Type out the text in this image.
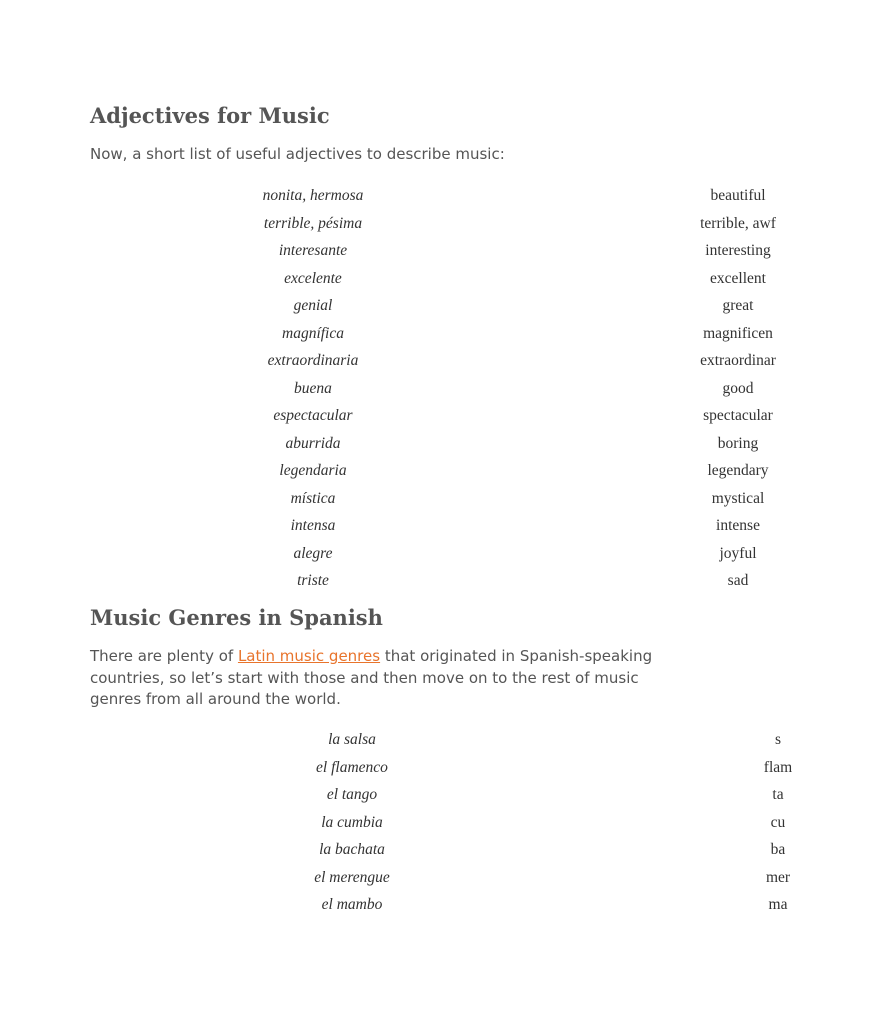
Adjectives for Music

Now, a short list of useful adjectives to describe music:

nonita, hermosa	beautiful
terrible, pésima	terrible, awf
interesante	interesting
excelente	excellent
genial	great
magnífica	magnificen
extraordinaria	extraordinar
buena	good
espectacular	spectacular
aburrida	boring
legendaria	legendary
mística	mystical
intensa	intense
alegre	joyful
triste	sad
Music Genres in Spanish

There are plenty of Latin music genres that originated in Spanish-speaking countries, so let’s start with those and then move on to the rest of music genres from all around the world.

la salsa	s
el flamenco	flam
el tango	ta
la cumbia	cu
la bachata	ba
el merengue	mer
el mambo	ma
